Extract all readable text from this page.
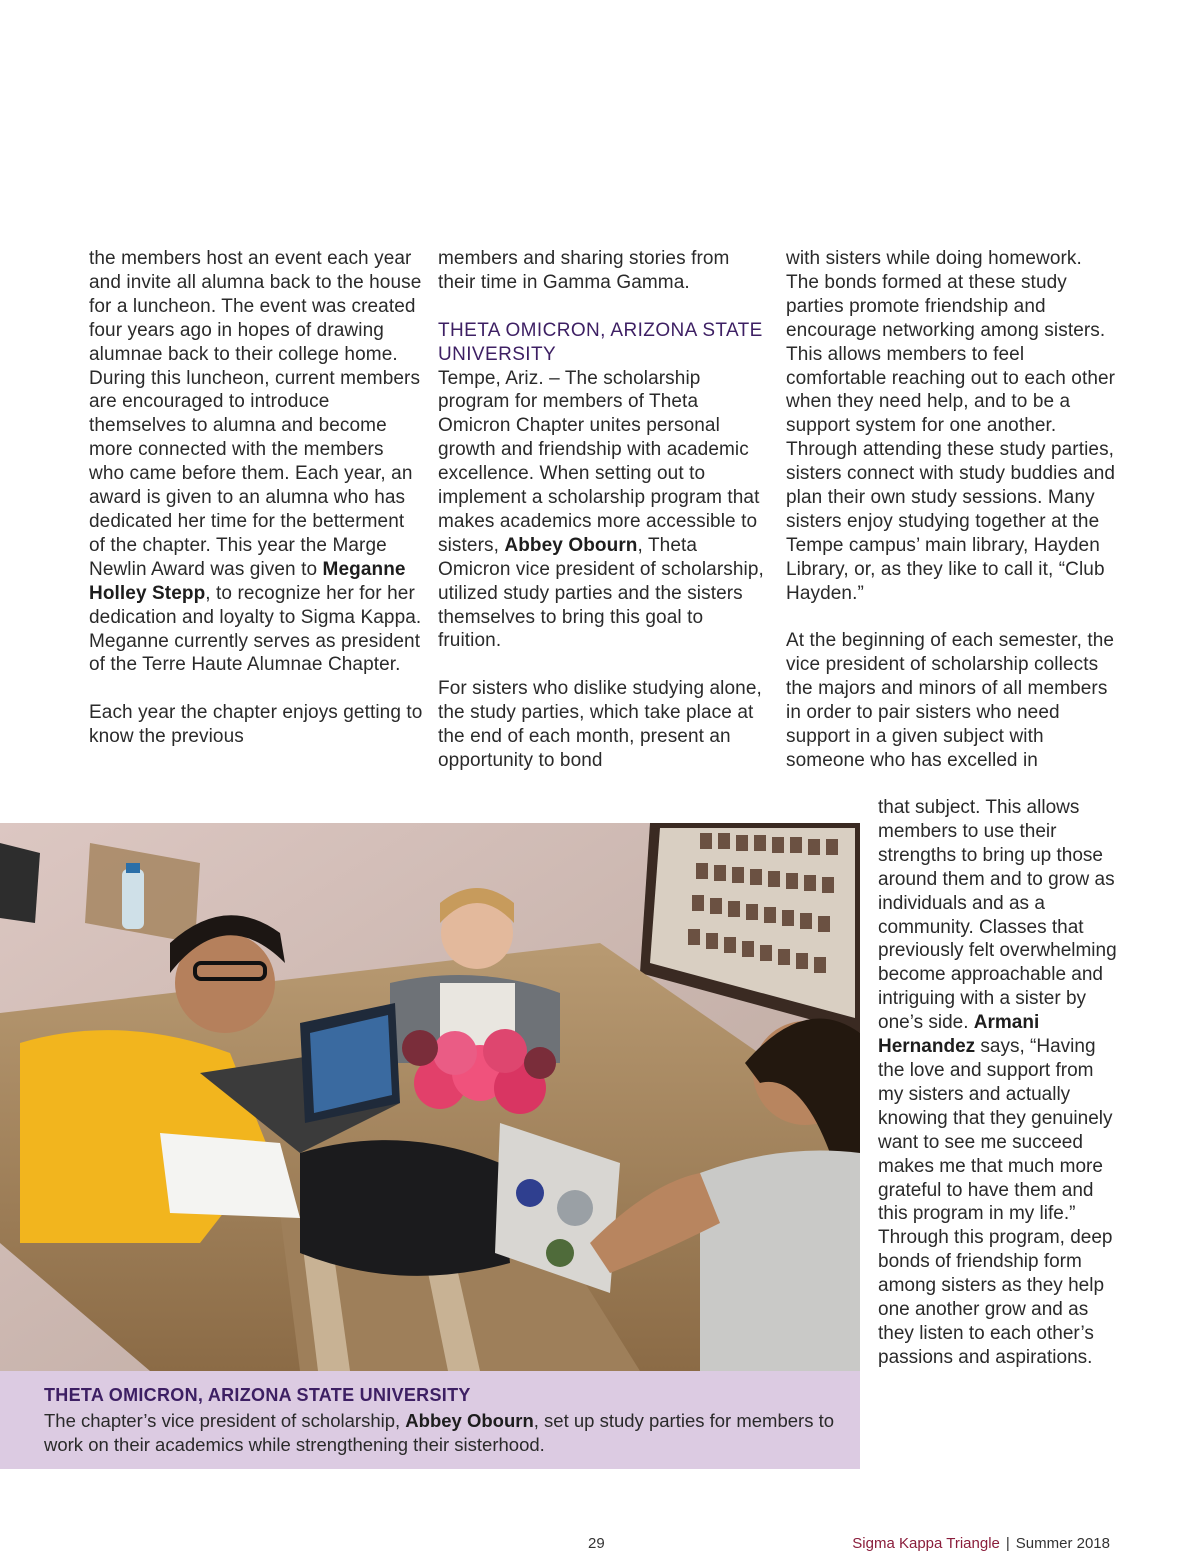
the members host an event each year and invite all alumna back to the house for a luncheon. The event was created four years ago in hopes of drawing alumnae back to their college home. During this luncheon, current members are encouraged to introduce themselves to alumna and become more connected with the members who came before them. Each year, an award is given to an alumna who has dedicated her time for the betterment of the chapter. This year the Marge Newlin Award was given to Meganne Holley Stepp, to recognize her for her dedication and loyalty to Sigma Kappa. Meganne currently serves as president of the Terre Haute Alumnae Chapter.

Each year the chapter enjoys getting to know the previous

members and sharing stories from their time in Gamma Gamma.

THETA OMICRON, ARIZONA STATE UNIVERSITY

Tempe, Ariz. – The scholarship program for members of Theta Omicron Chapter unites personal growth and friendship with academic excellence. When setting out to implement a scholarship program that makes academics more accessible to sisters, Abbey Obourn, Theta Omicron vice president of scholarship, utilized study parties and the sisters themselves to bring this goal to fruition.

For sisters who dislike studying alone, the study parties, which take place at the end of each month, present an opportunity to bond

with sisters while doing homework. The bonds formed at these study parties promote friendship and encourage networking among sisters. This allows members to feel comfortable reaching out to each other when they need help, and to be a support system for one another. Through attending these study parties, sisters connect with study buddies and plan their own study sessions. Many sisters enjoy studying together at the Tempe campus’ main library, Hayden Library, or, as they like to call it, “Club Hayden.”

At the beginning of each semester, the vice president of scholarship collects the majors and minors of all members in order to pair sisters who need support in a given subject with someone who has excelled in

that subject. This allows members to use their strengths to bring up those around them and to grow as individuals and as a community. Classes that previously felt overwhelming become approachable and intriguing with a sister by one’s side. Armani Hernandez says, “Having the love and support from my sisters and actually knowing that they genuinely want to see me succeed makes me that much more grateful to have them and this program in my life.” Through this program, deep bonds of friendship form among sisters as they help one another grow and as they listen to each other’s passions and aspirations.

THETA OMICRON, ARIZONA STATE UNIVERSITY

The chapter’s vice president of scholarship, Abbey Obourn, set up study parties for members to work on their academics while strengthening their sisterhood.

29	Sigma Kappa Triangle | Summer 2018
